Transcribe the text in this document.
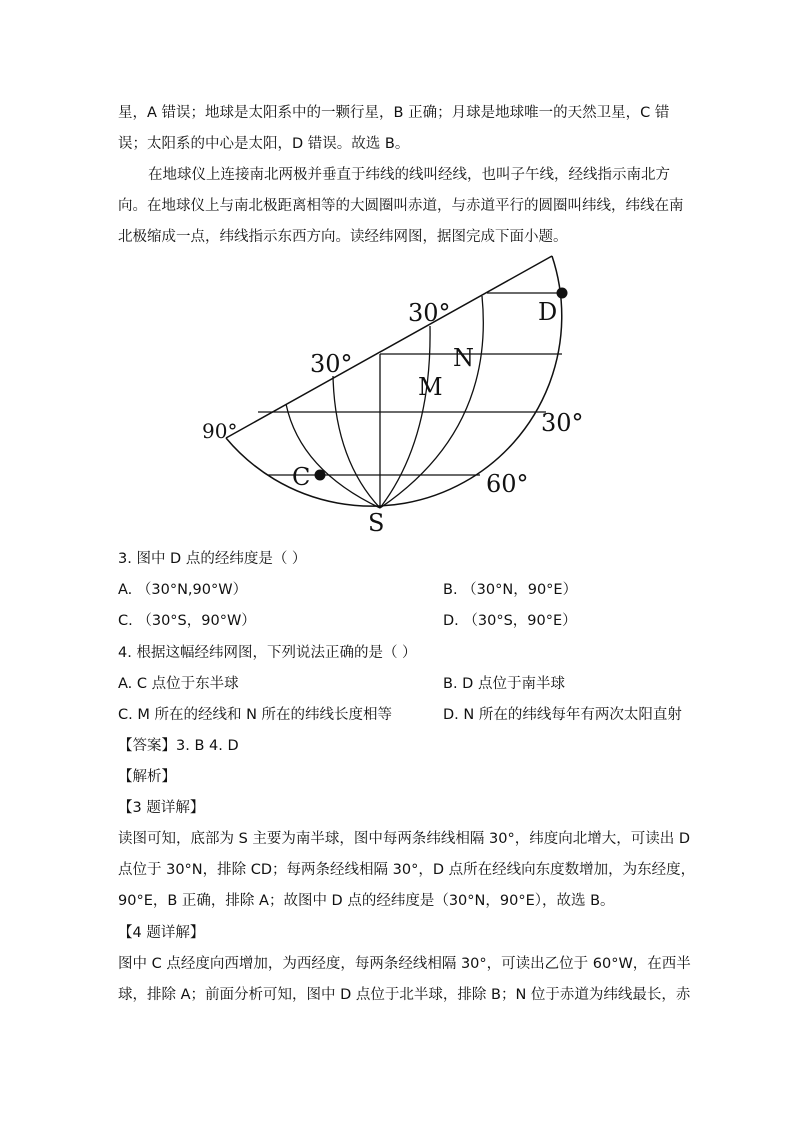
星，A 错误；地球是太阳系中的一颗行星，B 正确；月球是地球唯一的天然卫星，C 错
误；太阳系的中心是太阳，D 错误。故选 B。
在地球仪上连接南北两极并垂直于纬线的线叫经线，也叫子午线，经线指示南北方
向。在地球仪上与南北极距离相等的大圆圈叫赤道，与赤道平行的圆圈叫纬线，纬线在南
北极缩成一点，纬线指示东西方向。读经纬网图，据图完成下面小题。
30°
30°
90°	30°
60°
N
M
D
C
S
3. 图中 D 点的经纬度是（ ）
A. （30°N,90°W）	B. （30°N，90°E）
C. （30°S，90°W）	D. （30°S，90°E）
4. 根据这幅经纬网图，下列说法正确的是（ ）
A. C 点位于东半球	B. D 点位于南半球
C. M 所在的经线和 N 所在的纬线长度相等	D. N 所在的纬线每年有两次太阳直射
【答案】3. B 4. D
【解析】
【3 题详解】
读图可知，底部为 S 主要为南半球，图中每两条纬线相隔 30°，纬度向北增大，可读出 D
点位于 30°N，排除 CD；每两条经线相隔 30°，D 点所在经线向东度数增加，为东经度，
90°E，B 正确，排除 A；故图中 D 点的经纬度是（30°N，90°E），故选 B。
【4 题详解】
图中 C 点经度向西增加，为西经度，每两条经线相隔 30°，可读出乙位于 60°W，在西半
球，排除 A；前面分析可知，图中 D 点位于北半球，排除 B；N 位于赤道为纬线最长，赤
